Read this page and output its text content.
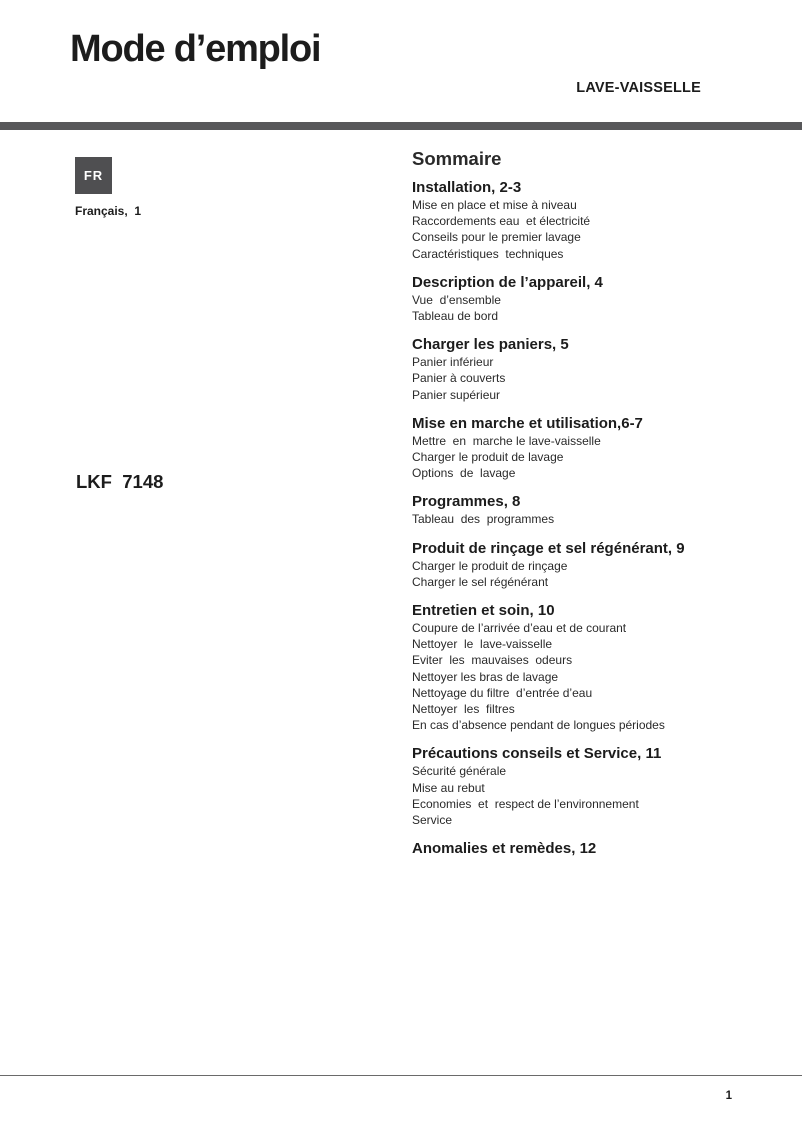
Mode d’emploi
LAVE-VAISSELLE
FR
Français,  1
LKF  7148
Sommaire
Installation, 2-3
Mise en place et mise à niveau
Raccordements eau  et électricité
Conseils pour le premier lavage
Caractéristiques  techniques
Description de l’appareil, 4
Vue  d’ensemble
Tableau de bord
Charger les paniers, 5
Panier inférieur
Panier à couverts
Panier supérieur
Mise en marche et utilisation,6-7
Mettre  en  marche le lave-vaisselle
Charger le produit de lavage
Options  de  lavage
Programmes, 8
Tableau  des  programmes
Produit de rinçage et sel régénérant, 9
Charger le produit de rinçage
Charger le sel régénérant
Entretien et soin, 10
Coupure de l’arrivée d’eau et de courant
Nettoyer  le  lave-vaisselle
Eviter  les  mauvaises  odeurs
Nettoyer les bras de lavage
Nettoyage du filtre  d’entrée d’eau
Nettoyer  les  filtres
En cas d’absence pendant de longues périodes
Précautions conseils et Service, 11
Sécurité générale
Mise au rebut
Economies  et  respect de l’environnement
Service
Anomalies et remèdes, 12
1
